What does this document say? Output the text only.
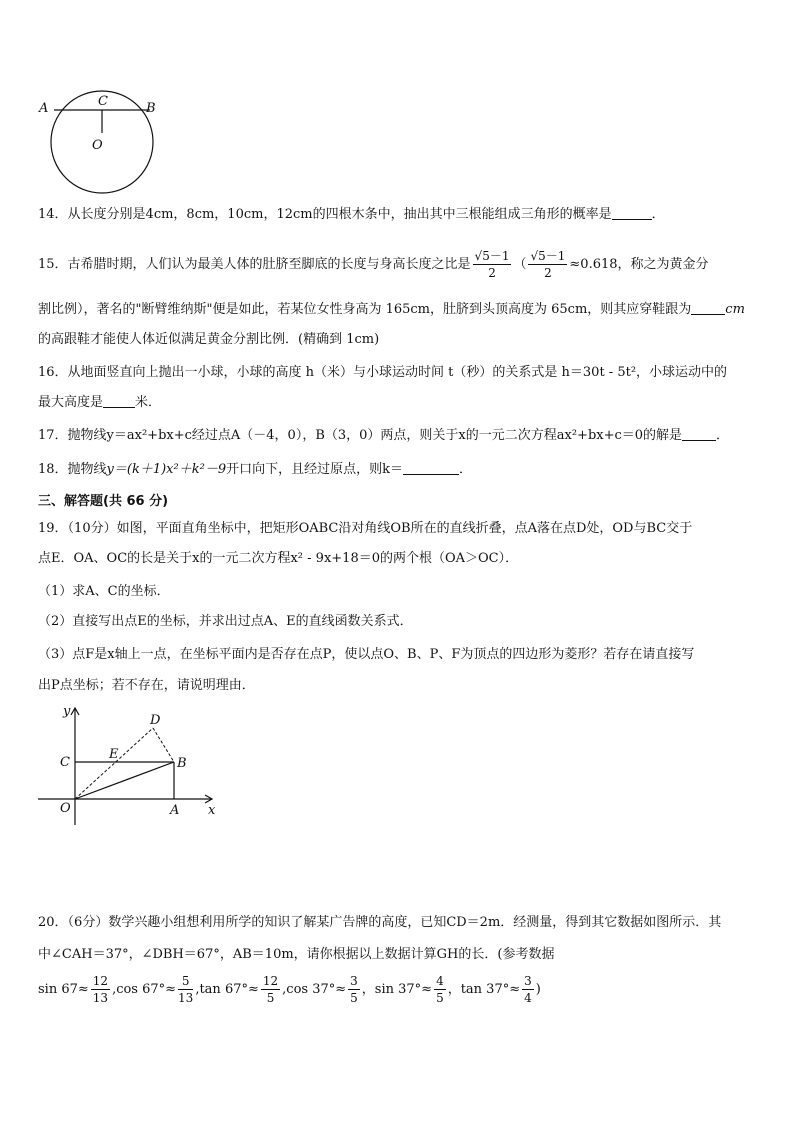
A	C	B
O
14．从长度分别是4cm，8cm，10cm，12cm的四根木条中，抽出其中三根能组成三角形的概率是	．
15．古希腊时期，人们认为最美人体的肚脐至脚底的长度与身高长度之比是 $\frac{√5-1}{2}$ （ $\frac{√5-1}{2} \approx 0.618$，称之为黄金分
割比例），著名的"断臂维纳斯"便是如此，若某位女性身高为 165cm，肚脐到头顶高度为 65cm，则其应穿鞋跟为	cm
的高跟鞋才能使人体近似满足黄金分割比例．(精确到 1cm)
16．从地面竖直向上抛出一小球，小球的高度 h（米）与小球运动时间 t（秒）的关系式是 h＝30t - 5t²，小球运动中的
最大高度是 米．
17．抛物线y＝ax²+bx+c经过点A（－4，0），B（3，0）两点，则关于x的一元二次方程ax²+bx+c＝0的解是	．
18．抛物线y＝(k＋1)x²＋k²－9开口向下，且经过原点，则k＝	．
三、解答题(共 66 分)
19．（10分）如图，平面直角坐标中，把矩形OABC沿对角线OB所在的直线折叠，点A落在点D处，OD与BC交于
点E．OA、OC的长是关于x的一元二次方程x² - 9x+18＝0的两个根（OA＞OC）．
（1）求A、C的坐标．
（2）直接写出点E的坐标，并求出过点A、E的直线函数关系式．
（3）点F是x轴上一点，在坐标平面内是否存在点P，使以点O、B、P、F为顶点的四边形为菱形？若存在请直接写
出P点坐标；若不存在，请说明理由．
y
x
O	A
B
C
D
E
20．（6分）数学兴趣小组想利用所学的知识了解某广告牌的高度，已知CD＝2m．经测量，得到其它数据如图所示．其
中∠CAH＝37°，∠DBH＝67°，AB＝10m，请你根据以上数据计算GH的长．(参考数据
$\sin 67\approx \frac{12}{13} ,\cos$ $67^\circ\approx \frac{5}{13} ,\tan$ $67^\circ\approx \frac{12}{5} ,\cos$ $37^\circ\approx \frac{3}{5}$ ，$\sin 37^\circ\approx \frac{4}{5}$ ，$\tan 37^\circ\approx \frac{3}{4}$ )
